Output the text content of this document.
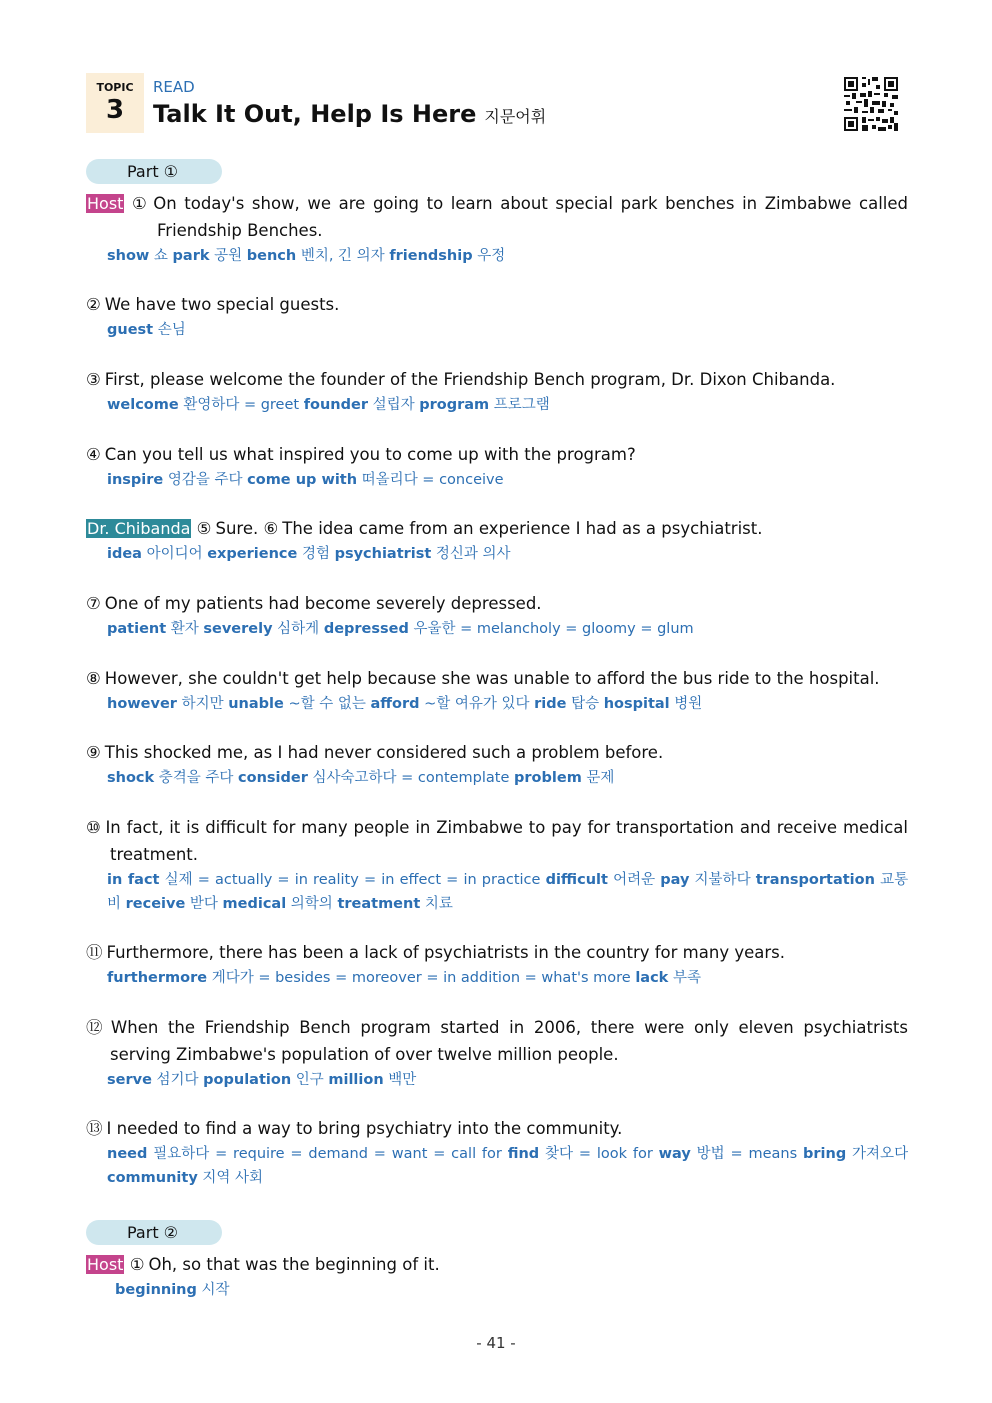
TOPIC
3
READ
Talk It Out, Help Is Here 지문어휘
Part ①
Host ① On today's show, we are going to learn about special park benches in Zimbabwe called Friendship Benches.
show 쇼 park 공원 bench 벤치, 긴 의자 friendship 우정
② We have two special guests.
guest 손님
③ First, please welcome the founder of the Friendship Bench program, Dr. Dixon Chibanda.
welcome 환영하다 = greet founder 설립자 program 프로그램
④ Can you tell us what inspired you to come up with the program?
inspire 영감을 주다 come up with 떠올리다 = conceive
Dr. Chibanda ⑤ Sure. ⑥ The idea came from an experience I had as a psychiatrist.
idea 아이디어 experience 경험 psychiatrist 정신과 의사
⑦ One of my patients had become severely depressed.
patient 환자 severely 심하게 depressed 우울한 = melancholy = gloomy = glum
⑧ However, she couldn't get help because she was unable to afford the bus ride to the hospital.
however 하지만 unable ~할 수 없는 afford ~할 여유가 있다 ride 탑승 hospital 병원
⑨ This shocked me, as I had never considered such a problem before.
shock 충격을 주다 consider 심사숙고하다 = contemplate problem 문제
⑩ In fact, it is difficult for many people in Zimbabwe to pay for transportation and receive medical treatment.
in fact 실제 = actually = in reality = in effect = in practice difficult 어려운 pay 지불하다 transportation 교통비 receive 받다 medical 의학의 treatment 치료
⑪ Furthermore, there has been a lack of psychiatrists in the country for many years.
furthermore 게다가 = besides = moreover = in addition = what's more lack 부족
⑫ When the Friendship Bench program started in 2006, there were only eleven psychiatrists serving Zimbabwe's population of over twelve million people.
serve 섬기다 population 인구 million 백만
⑬ I needed to find a way to bring psychiatry into the community.
need 필요하다 = require = demand = want = call for find 찾다 = look for way 방법 = means bring 가져오다 community 지역 사회
Part ②
Host ① Oh, so that was the beginning of it.
beginning 시작
- 41 -
